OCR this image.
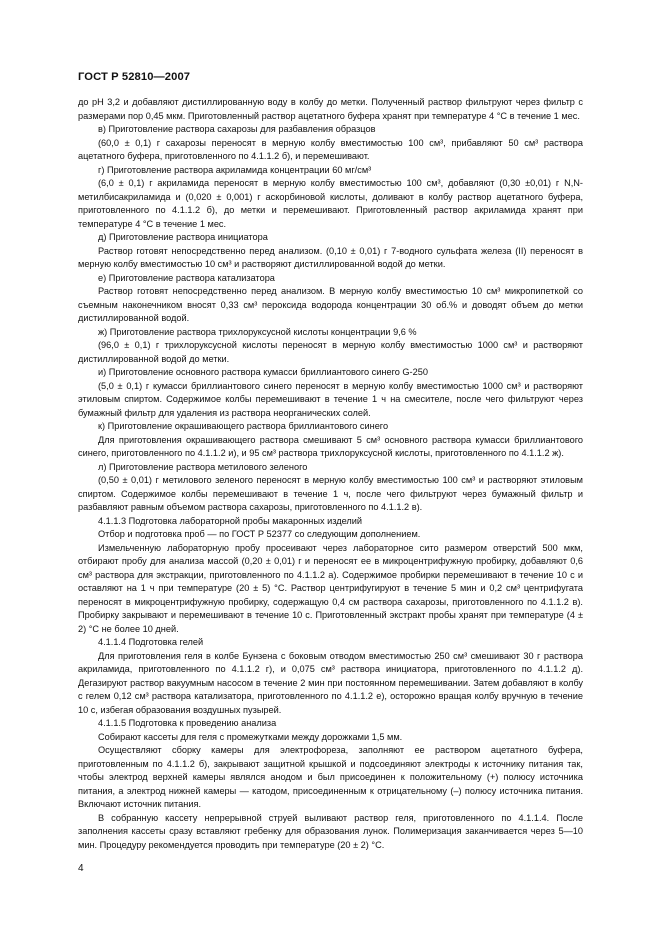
ГОСТ Р 52810—2007

до pH 3,2 и добавляют дистиллированную воду в колбу до метки. Полученный раствор фильтруют через фильтр с размерами пор 0,45 мкм. Приготовленный раствор ацетатного буфера хранят при температуре 4 °С в течение 1 мес.

в) Приготовление раствора сахарозы для разбавления образцов

(60,0 ± 0,1) г сахарозы переносят в мерную колбу вместимостью 100 см³, прибавляют 50 см³ раствора ацетатного буфера, приготовленного по 4.1.1.2 б), и перемешивают.

г) Приготовление раствора акриламида концентрации 60 мг/см³

(6,0 ± 0,1) г акриламида переносят в мерную колбу вместимостью 100 см³, добавляют (0,30 ±0,01) г N,N-метилбисакриламида и (0,020 ± 0,001) г аскорбиновой кислоты, доливают в колбу раствор ацетатного буфера, приготовленного по 4.1.1.2 б), до метки и перемешивают. Приготовленный раствор акриламида хранят при температуре 4 °С в течение 1 мес.

д) Приготовление раствора инициатора

Раствор готовят непосредственно перед анализом. (0,10 ± 0,01) г 7-водного сульфата железа (II) переносят в мерную колбу вместимостью 10 см³ и растворяют дистиллированной водой до метки.

е) Приготовление раствора катализатора

Раствор готовят непосредственно перед анализом. В мерную колбу вместимостью 10 см³ микропипеткой со съемным наконечником вносят 0,33 см³ пероксида водорода концентрации 30 об.% и доводят объем до метки дистиллированной водой.

ж) Приготовление раствора трихлоруксусной кислоты концентрации 9,6 %

(96,0 ± 0,1) г трихлоруксусной кислоты переносят в мерную колбу вместимостью 1000 см³ и растворяют дистиллированной водой до метки.

и) Приготовление основного раствора кумасси бриллиантового синего G-250

(5,0 ± 0,1) г кумасси бриллиантового синего переносят в мерную колбу вместимостью 1000 см³ и растворяют этиловым спиртом. Содержимое колбы перемешивают в течение 1 ч на смесителе, после чего фильтруют через бумажный фильтр для удаления из раствора неорганических солей.

к) Приготовление окрашивающего раствора бриллиантового синего

Для приготовления окрашивающего раствора смешивают 5 см³ основного раствора кумасси бриллиантового синего, приготовленного по 4.1.1.2 и), и 95 см³ раствора трихлоруксусной кислоты, приготовленного по 4.1.1.2 ж).

л) Приготовление раствора метилового зеленого

(0,50 ± 0,01) г метилового зеленого переносят в мерную колбу вместимостью 100 см³ и растворяют этиловым спиртом. Содержимое колбы перемешивают в течение 1 ч, после чего фильтруют через бумажный фильтр и разбавляют равным объемом раствора сахарозы, приготовленного по 4.1.1.2 в).

4.1.1.3 Подготовка лабораторной пробы макаронных изделий

Отбор и подготовка проб — по ГОСТ Р 52377 со следующим дополнением.

Измельченную лабораторную пробу просеивают через лабораторное сито размером отверстий 500 мкм, отбирают пробу для анализа массой (0,20 ± 0,01) г и переносят ее в микроцентрифужную пробирку, добавляют 0,6 см³ раствора для экстракции, приготовленного по 4.1.1.2 а). Содержимое пробирки перемешивают в течение 10 с и оставляют на 1 ч при температуре (20 ± 5) °С. Раствор центрифугируют в течение 5 мин и 0,2 см³ центрифугата переносят в микроцентрифужную пробирку, содержащую 0,4 см раствора сахарозы, приготовленного по 4.1.1.2 в). Пробирку закрывают и перемешивают в течение 10 с. Приготовленный экстракт пробы хранят при температуре (4 ± 2) °С не более 10 дней.

4.1.1.4 Подготовка гелей

Для приготовления геля в колбе Бунзена с боковым отводом вместимостью 250 см³ смешивают 30 г раствора акриламида, приготовленного по 4.1.1.2 г), и 0,075 см³ раствора инициатора, приготовленного по 4.1.1.2 д). Дегазируют раствор вакуумным насосом в течение 2 мин при постоянном перемешивании. Затем добавляют в колбу с гелем 0,12 см³ раствора катализатора, приготовленного по 4.1.1.2 е), осторожно вращая колбу вручную в течение 10 с, избегая образования воздушных пузырей.

4.1.1.5 Подготовка к проведению анализа

Собирают кассеты для геля с промежутками между дорожками 1,5 мм.

Осуществляют сборку камеры для электрофореза, заполняют ее раствором ацетатного буфера, приготовленным по 4.1.1.2 б), закрывают защитной крышкой и подсоединяют электроды к источнику питания так, чтобы электрод верхней камеры являлся анодом и был присоединен к положительному (+) полюсу источника питания, а электрод нижней камеры — катодом, присоединенным к отрицательному (–) полюсу источника питания. Включают источник питания.

В собранную кассету непрерывной струей выливают раствор геля, приготовленного по 4.1.1.4. После заполнения кассеты сразу вставляют гребенку для образования лунок. Полимеризация заканчивается через 5—10 мин. Процедуру рекомендуется проводить при температуре (20 ± 2) °С.

4
